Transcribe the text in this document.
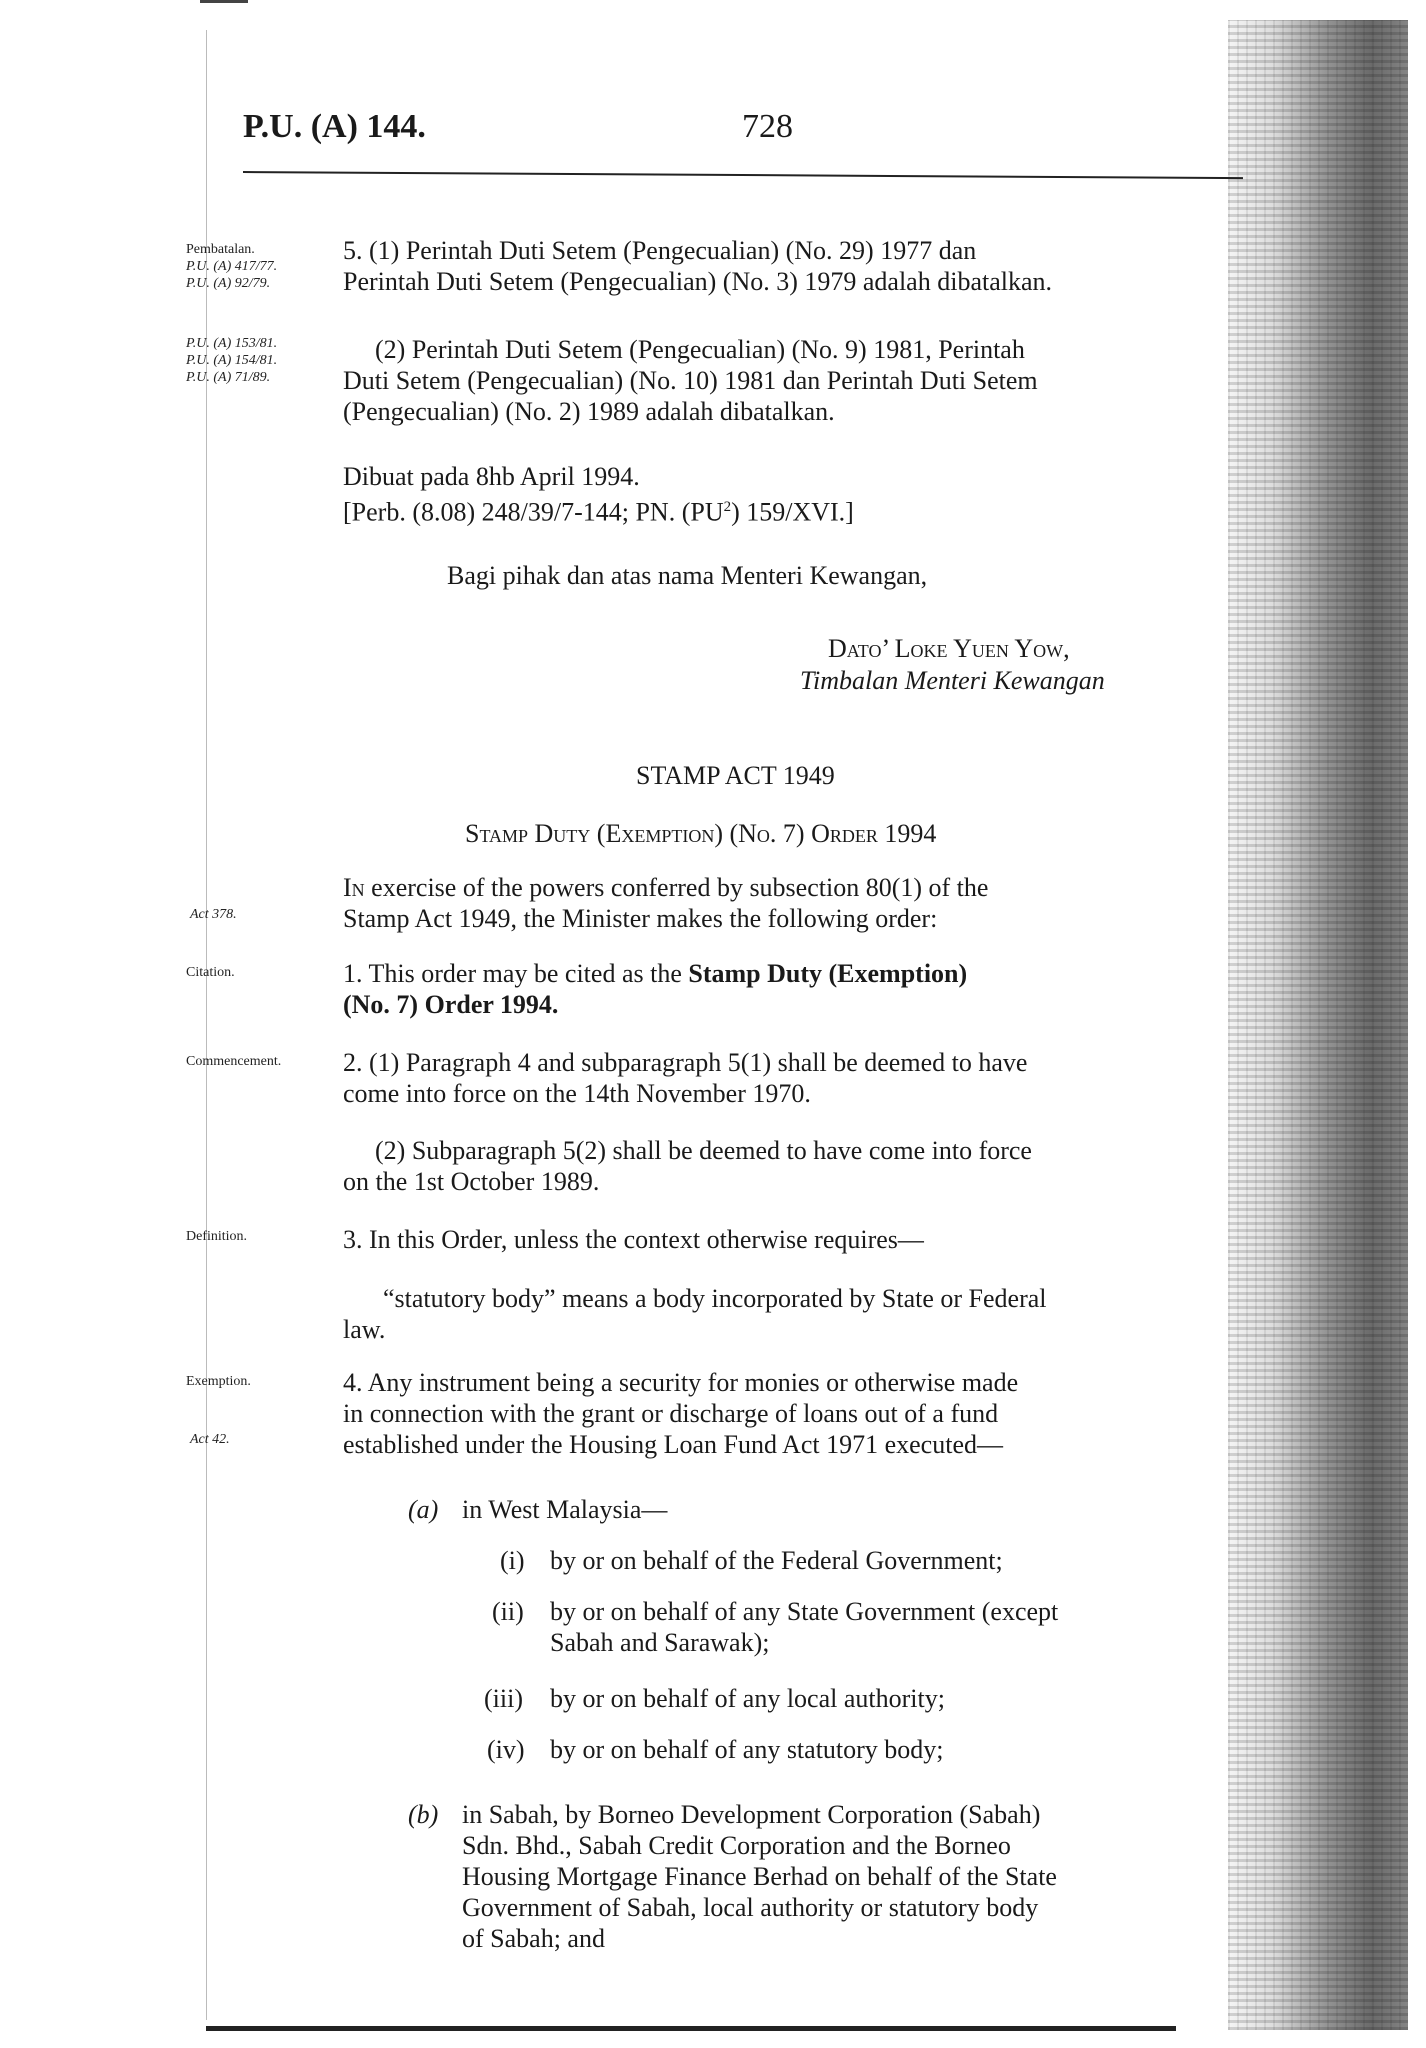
P.U. (A) 144.	728
Pembatalan.
P.U. (A) 417/77.
P.U. (A) 92/79.
P.U. (A) 153/81.
P.U. (A) 154/81.
P.U. (A) 71/89.
Act 378.
Citation.
Commencement.
Definition.
Exemption.
Act 42.
5. (1) Perintah Duti Setem (Pengecualian) (No. 29) 1977 dan
Perintah Duti Setem (Pengecualian) (No. 3) 1979 adalah dibatalkan.
(2) Perintah Duti Setem (Pengecualian) (No. 9) 1981, Perintah
Duti Setem (Pengecualian) (No. 10) 1981 dan Perintah Duti Setem
(Pengecualian) (No. 2) 1989 adalah dibatalkan.
Dibuat pada 8hb April 1994.
[Perb. (8.08) 248/39/7-144; PN. $(PU^2)$ 159/XVI.]
Bagi pihak dan atas nama Menteri Kewangan,
Dato’ Loke Yuen Yow,
Timbalan Menteri Kewangan
STAMP ACT 1949
Stamp Duty (Exemption) (No. 7) Order 1994
In exercise of the powers conferred by subsection 80(1) of the
Stamp Act 1949, the Minister makes the following order:
1. This order may be cited as the Stamp Duty (Exemption)
(No. 7) Order 1994.
2. (1) Paragraph 4 and subparagraph 5(1) shall be deemed to have
come into force on the 14th November 1970.
(2) Subparagraph 5(2) shall be deemed to have come into force
on the 1st October 1989.
3. In this Order, unless the context otherwise requires—
“statutory body” means a body incorporated by State or Federal
law.
4. Any instrument being a security for monies or otherwise made
in connection with the grant or discharge of loans out of a fund
established under the Housing Loan Fund Act 1971 executed—
(a) in West Malaysia—
(i) by or on behalf of the Federal Government;
(ii) by or on behalf of any State Government (except
Sabah and Sarawak);
(iii) by or on behalf of any local authority;
(iv) by or on behalf of any statutory body;
(b) in Sabah, by Borneo Development Corporation (Sabah)
Sdn. Bhd., Sabah Credit Corporation and the Borneo
Housing Mortgage Finance Berhad on behalf of the State
Government of Sabah, local authority or statutory body
of Sabah; and
